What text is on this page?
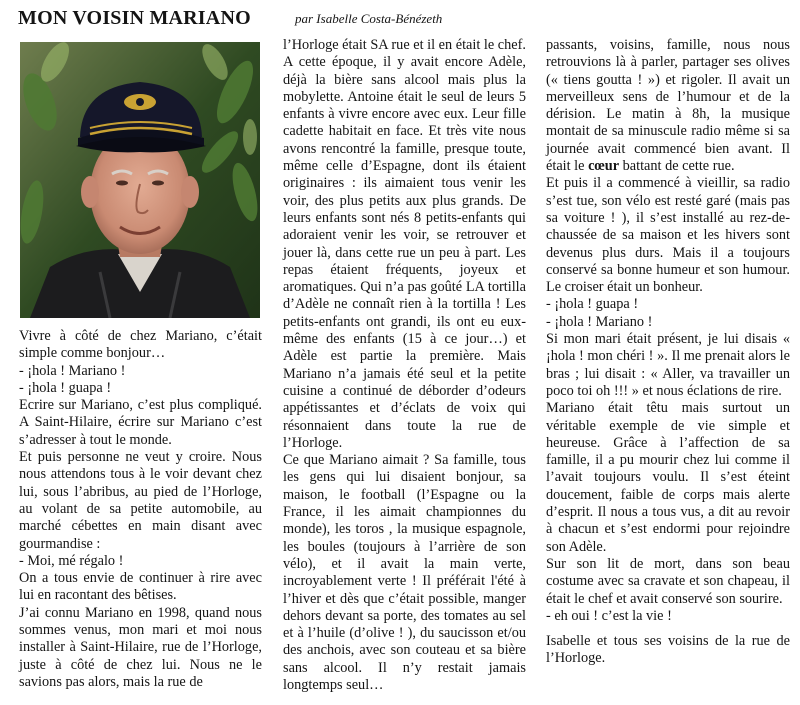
MON VOISIN MARIANO	par Isabelle Costa-Bénézeth

Vivre à côté de chez Mariano, c’était simple comme bonjour…

- ¡hola ! Mariano !

- ¡hola ! guapa !

Ecrire sur Mariano, c’est plus compliqué. A Saint-Hilaire, écrire sur Mariano c’est s’adresser à tout le monde.

Et puis personne ne veut y croire. Nous nous attendons tous à le voir devant chez lui, sous l’abribus, au pied de l’Horloge, au volant de sa petite automobile, au marché cébettes en main disant avec gourmandise :

- Moi, mé régalo !

On a tous envie de continuer à rire avec lui en racontant des bêtises.

J’ai connu Mariano en 1998, quand nous sommes venus, mon mari et moi nous installer à Saint-Hilaire, rue de l’Horloge, juste à côté de chez lui. Nous ne le savions pas alors, mais la rue de

l’Horloge était SA rue et il en était le chef. A cette époque, il y avait encore Adèle, déjà la bière sans alcool mais plus la mobylette. Antoine était le seul de leurs 5 enfants à vivre encore avec eux. Leur fille cadette habitait en face. Et très vite nous avons rencontré la famille, presque toute, même celle d’Espagne, dont ils étaient originaires : ils aimaient tous venir les voir, des plus petits aux plus grands. De leurs enfants sont nés 8 petits-enfants qui adoraient venir les voir, se retrouver et jouer là, dans cette rue un peu à part. Les repas étaient fréquents, joyeux et aromatiques. Qui n’a pas goûté LA tortilla d’Adèle ne connaît rien à la tortilla ! Les petits-enfants ont grandi, ils ont eu eux-même des enfants (15 à ce jour…) et Adèle est partie la première. Mais Mariano n’a jamais été seul et la petite cuisine a continué de déborder d’odeurs appétissantes et d’éclats de voix qui résonnaient dans toute la rue de l’Horloge.

Ce que Mariano aimait ? Sa famille, tous les gens qui lui disaient bonjour, sa maison, le football (l’Espagne ou la France, il les aimait championnes du monde), les toros , la musique espagnole, les boules (toujours à l’arrière de son vélo), et il avait la main verte, incroyablement verte ! Il préférait l'été à l’hiver et dès que c’était possible, manger dehors devant sa porte, des tomates au sel et à l’huile (d’olive ! ), du saucisson et/ou des anchois, avec son couteau et sa bière sans alcool. Il n’y restait jamais longtemps seul…

passants, voisins, famille, nous nous retrouvions là à parler, partager ses olives (« tiens goutta ! ») et rigoler. Il avait un merveilleux sens de l’humour et de la dérision. Le matin à 8h, la musique montait de sa minuscule radio même si sa journée avait commencé bien avant. Il était le cœur battant de cette rue.

Et puis il a commencé à vieillir, sa radio s’est tue, son vélo est resté garé (mais pas sa voiture ! ), il s’est installé au rez-de-chaussée de sa maison et les hivers sont devenus plus durs. Mais il a toujours conservé sa bonne humeur et son humour. Le croiser était un bonheur.

- ¡hola ! guapa !

- ¡hola ! Mariano !

Si mon mari était présent, je lui disais « ¡hola ! mon chéri ! ». Il me prenait alors le bras ; lui disait : « Aller, va travailler un poco toi oh !!! » et nous éclations de rire.

Mariano était têtu mais surtout un véritable exemple de vie simple et heureuse. Grâce à l’affection de sa famille, il a pu mourir chez lui comme il l’avait toujours voulu. Il s’est éteint doucement, faible de corps mais alerte d’esprit. Il nous a tous vus, a dit au revoir à chacun et s’est endormi pour rejoindre son Adèle.

Sur son lit de mort, dans son beau costume avec sa cravate et son chapeau, il était le chef et avait conservé son sourire.

- eh oui ! c’est la vie !

Isabelle et tous ses voisins de la rue de l’Horloge.
